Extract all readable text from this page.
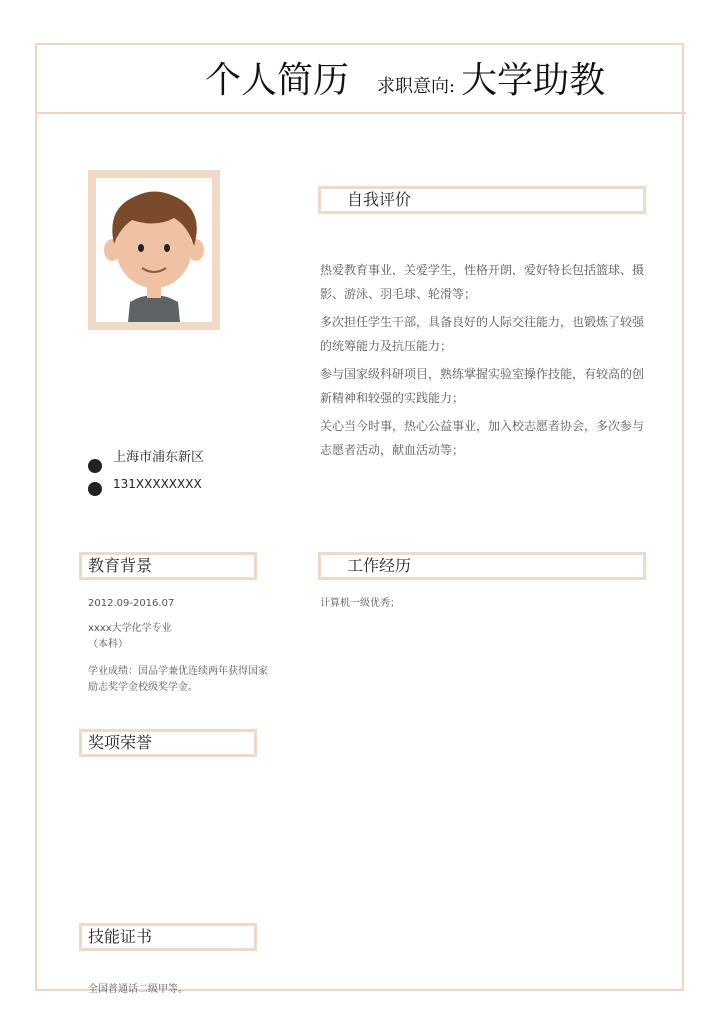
个人简历 求职意向: 大学助教
上海市浦东新区
131XXXXXXXX
自我评价
热爱教育事业，关爱学生，性格开朗，爱好特长包括篮球、摄影、游泳、羽毛球、轮滑等；
多次担任学生干部，具备良好的人际交往能力，也锻炼了较强的统筹能力及抗压能力；
参与国家级科研项目，熟练掌握实验室操作技能，有较高的创新精神和较强的实践能力；
关心当今时事，热心公益事业，加入校志愿者协会，多次参与志愿者活动，献血活动等；
教育背景
2012.09-2016.07
xxxx大学化学专业
（本科）
学业成绩：国品学兼优连续两年获得国家励志奖学金校级奖学金。
工作经历
计算机一级优秀；
奖项荣誉
技能证书
全国普通话二级甲等。
